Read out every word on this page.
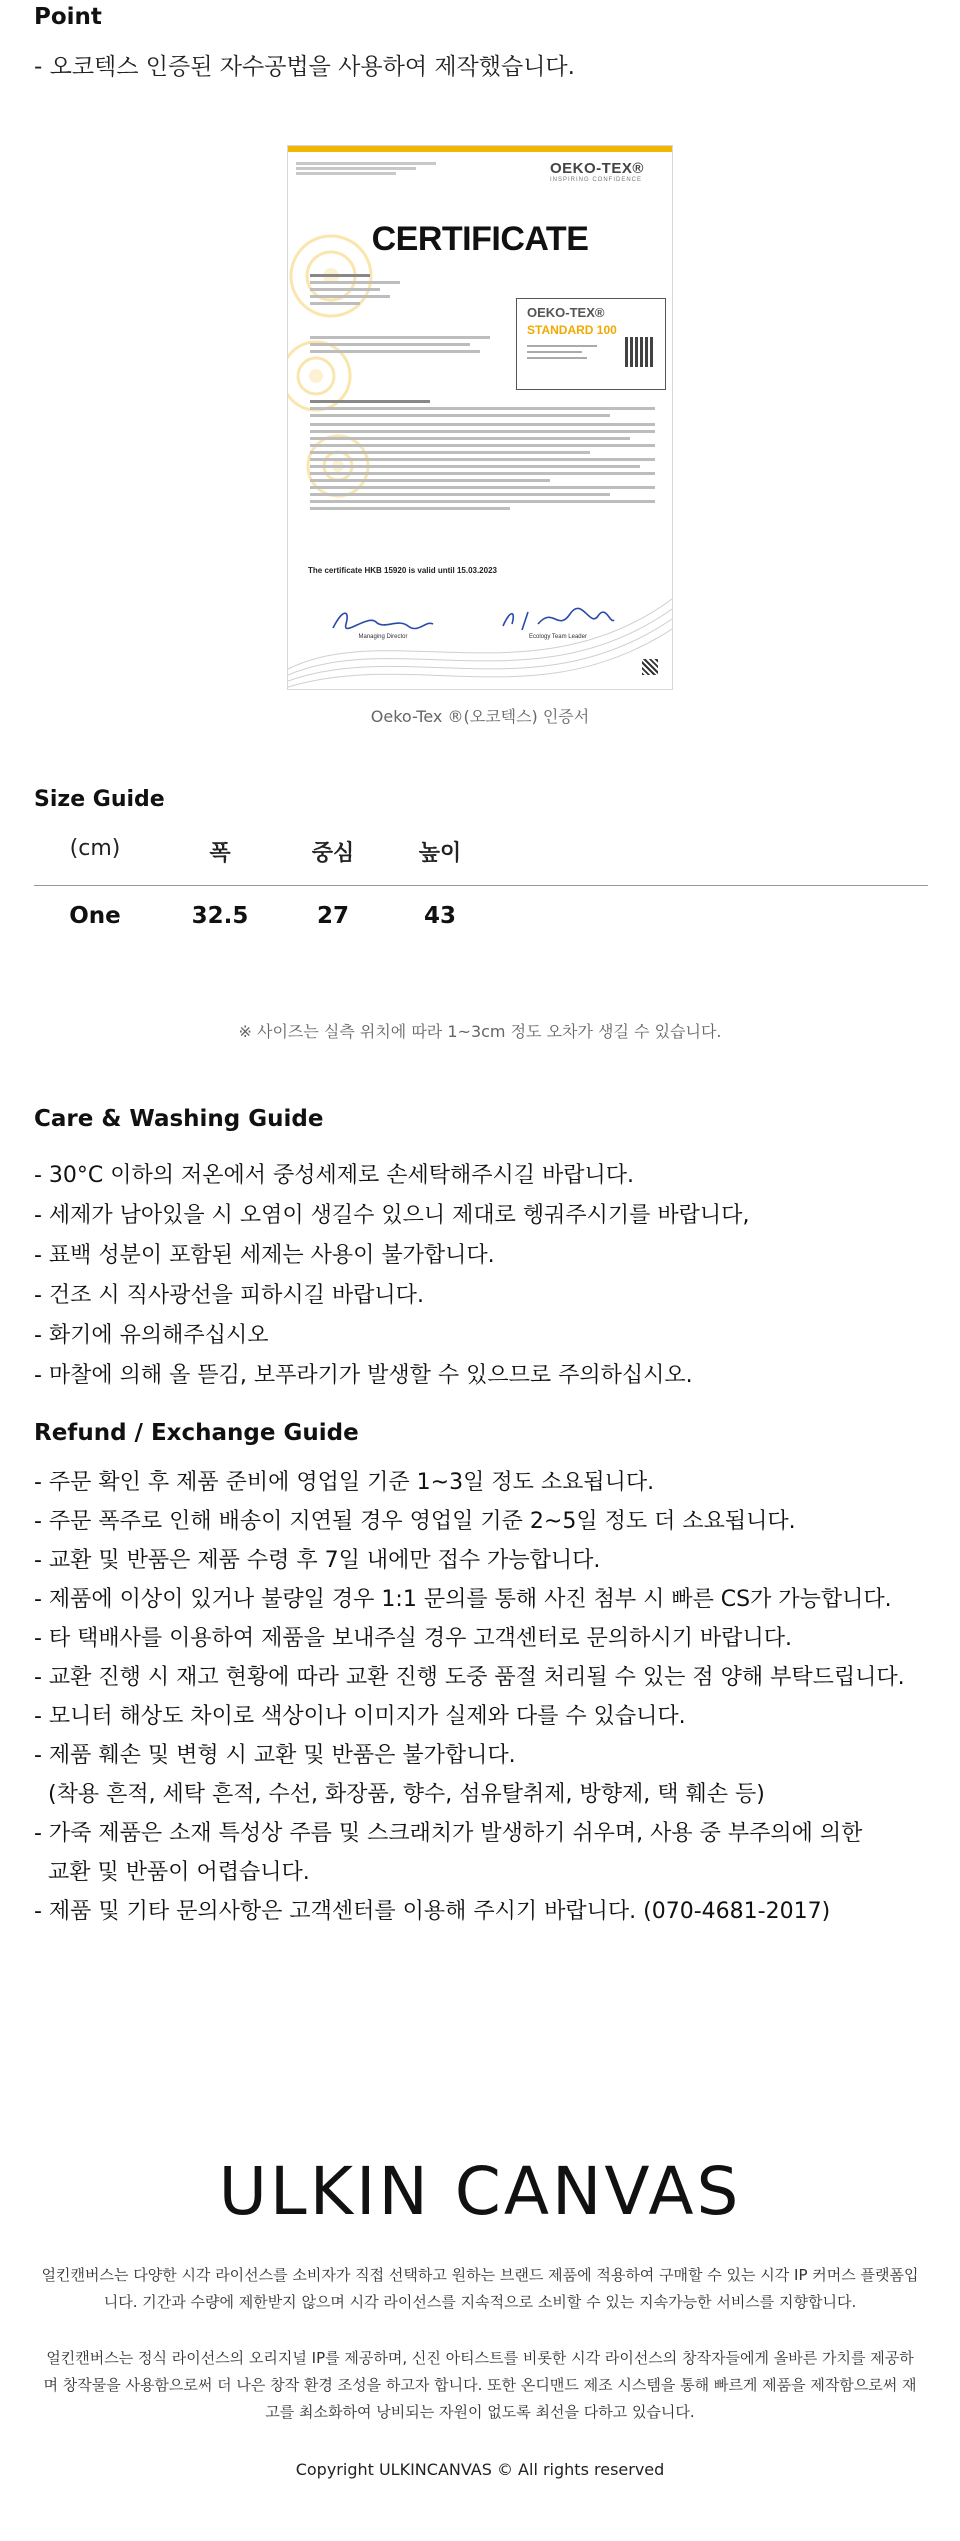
Point
- 오코텍스 인증된 자수공법을 사용하여 제작했습니다.
OEKO-TEX®
INSPIRING CONFIDENCE
CERTIFICATE
OEKO-TEX®
STANDARD 100
The certificate HKB 15920 is valid until 15.03.2023
Managing Director	Ecology Team Leader
Oeko-Tex ®(오코텍스) 인증서
Size Guide
(cm)	폭	중심	높이
One	32.5	27	43
※ 사이즈는 실측 위치에 따라 1~3cm 정도 오차가 생길 수 있습니다.
Care & Washing Guide
- 30°C 이하의 저온에서 중성세제로 손세탁해주시길 바랍니다.
- 세제가 남아있을 시 오염이 생길수 있으니 제대로 헹궈주시기를 바랍니다,
- 표백 성분이 포함된 세제는 사용이 불가합니다.
- 건조 시 직사광선을 피하시길 바랍니다.
- 화기에 유의해주십시오
- 마찰에 의해 올 뜯김, 보푸라기가 발생할 수 있으므로 주의하십시오.
Refund / Exchange Guide
- 주문 확인 후 제품 준비에 영업일 기준 1~3일 정도 소요됩니다.
- 주문 폭주로 인해 배송이 지연될 경우 영업일 기준 2~5일 정도 더 소요됩니다.
- 교환 및 반품은 제품 수령 후 7일 내에만 접수 가능합니다.
- 제품에 이상이 있거나 불량일 경우 1:1 문의를 통해 사진 첨부 시 빠른 CS가 가능합니다.
- 타 택배사를 이용하여 제품을 보내주실 경우 고객센터로 문의하시기 바랍니다.
- 교환 진행 시 재고 현황에 따라 교환 진행 도중 품절 처리될 수 있는 점 양해 부탁드립니다.
- 모니터 해상도 차이로 색상이나 이미지가 실제와 다를 수 있습니다.
- 제품 훼손 및 변형 시 교환 및 반품은 불가합니다.
(착용 흔적, 세탁 흔적, 수선, 화장품, 향수, 섬유탈취제, 방향제, 택 훼손 등)
- 가죽 제품은 소재 특성상 주름 및 스크래치가 발생하기 쉬우며, 사용 중 부주의에 의한
교환 및 반품이 어렵습니다.
- 제품 및 기타 문의사항은 고객센터를 이용해 주시기 바랍니다. (070-4681-2017)
ULKIN CANVAS
얼킨캔버스는 다양한 시각 라이선스를 소비자가 직접 선택하고 원하는 브랜드 제품에 적용하여 구매할 수 있는 시각 IP 커머스 플랫폼입니다. 기간과 수량에 제한받지 않으며 시각 라이선스를 지속적으로 소비할 수 있는 지속가능한 서비스를 지향합니다.
얼킨캔버스는 정식 라이선스의 오리지널 IP를 제공하며, 신진 아티스트를 비롯한 시각 라이선스의 창작자들에게 올바른 가치를 제공하며 창작물을 사용함으로써 더 나은 창작 환경 조성을 하고자 합니다. 또한 온디맨드 제조 시스템을 통해 빠르게 제품을 제작함으로써 재고를 최소화하여 낭비되는 자원이 없도록 최선을 다하고 있습니다.
Copyright ULKINCANVAS © All rights reserved
